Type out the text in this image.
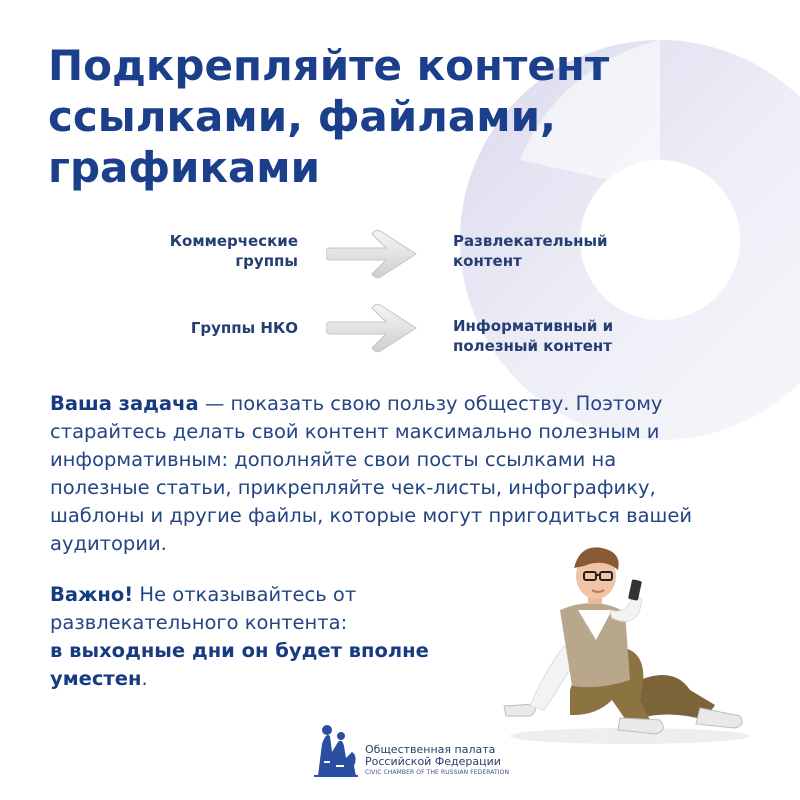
Подкрепляйте контент
ссылками, файлами,
графиками
Коммерческие
группы
Развлекательный
контент
Группы НКО	Информативный и
полезный контент

Ваша задача — показать свою пользу обществу. Поэтому
старайтесь делать свой контент максимально полезным и
информативным: дополняйте свои посты ссылками на
полезные статьи, прикрепляйте чек-листы, инфографику,
шаблоны и другие файлы, которые могут пригодиться вашей
аудитории.

Важно! Не отказывайтесь от
развлекательного контента:
в выходные дни он будет вполне
уместен.

Общественная палата
Российской Федерации
CIVIC CHAMBER OF THE RUSSIAN FEDERATION
